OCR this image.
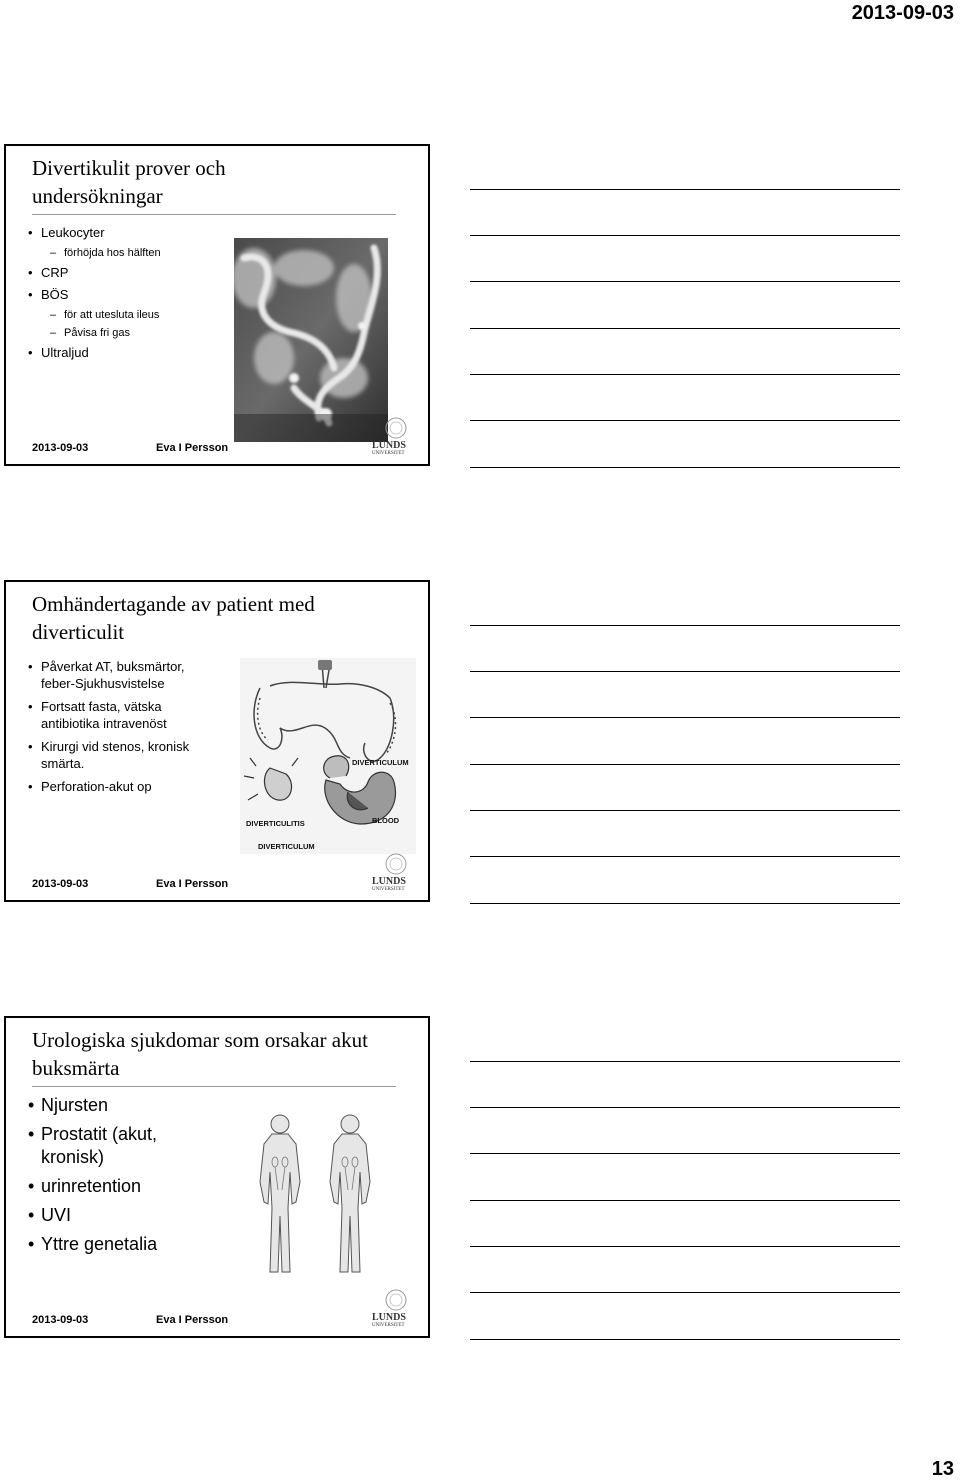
2013-09-03
Divertikulit prover och undersökningar
• Leukocyter
– förhöjda hos hälften
• CRP
• BÖS
– för att utesluta ileus
– Påvisa fri gas
• Ultraljud
2013-09-03	Eva I Persson	LUNDS
UNIVERSITET
Omhändertagande av patient med diverticulit
• Påverkat AT, buksmärtor, feber-Sjukhusvistelse
• Fortsatt fasta, vätska antibiotika intravenöst
• Kirurgi vid stenos, kronisk smärta.
• Perforation-akut op
DIVERTICULUM
DIVERTICULITIS	BLOOD
DIVERTICULUM
2013-09-03	Eva I Persson	LUNDS
UNIVERSITET
Urologiska sjukdomar som orsakar akut buksmärta
• Njursten
• Prostatit (akut, kronisk)
• urinretention
• UVI
• Yttre genetalia
2013-09-03	Eva I Persson	LUNDS
UNIVERSITET
13
